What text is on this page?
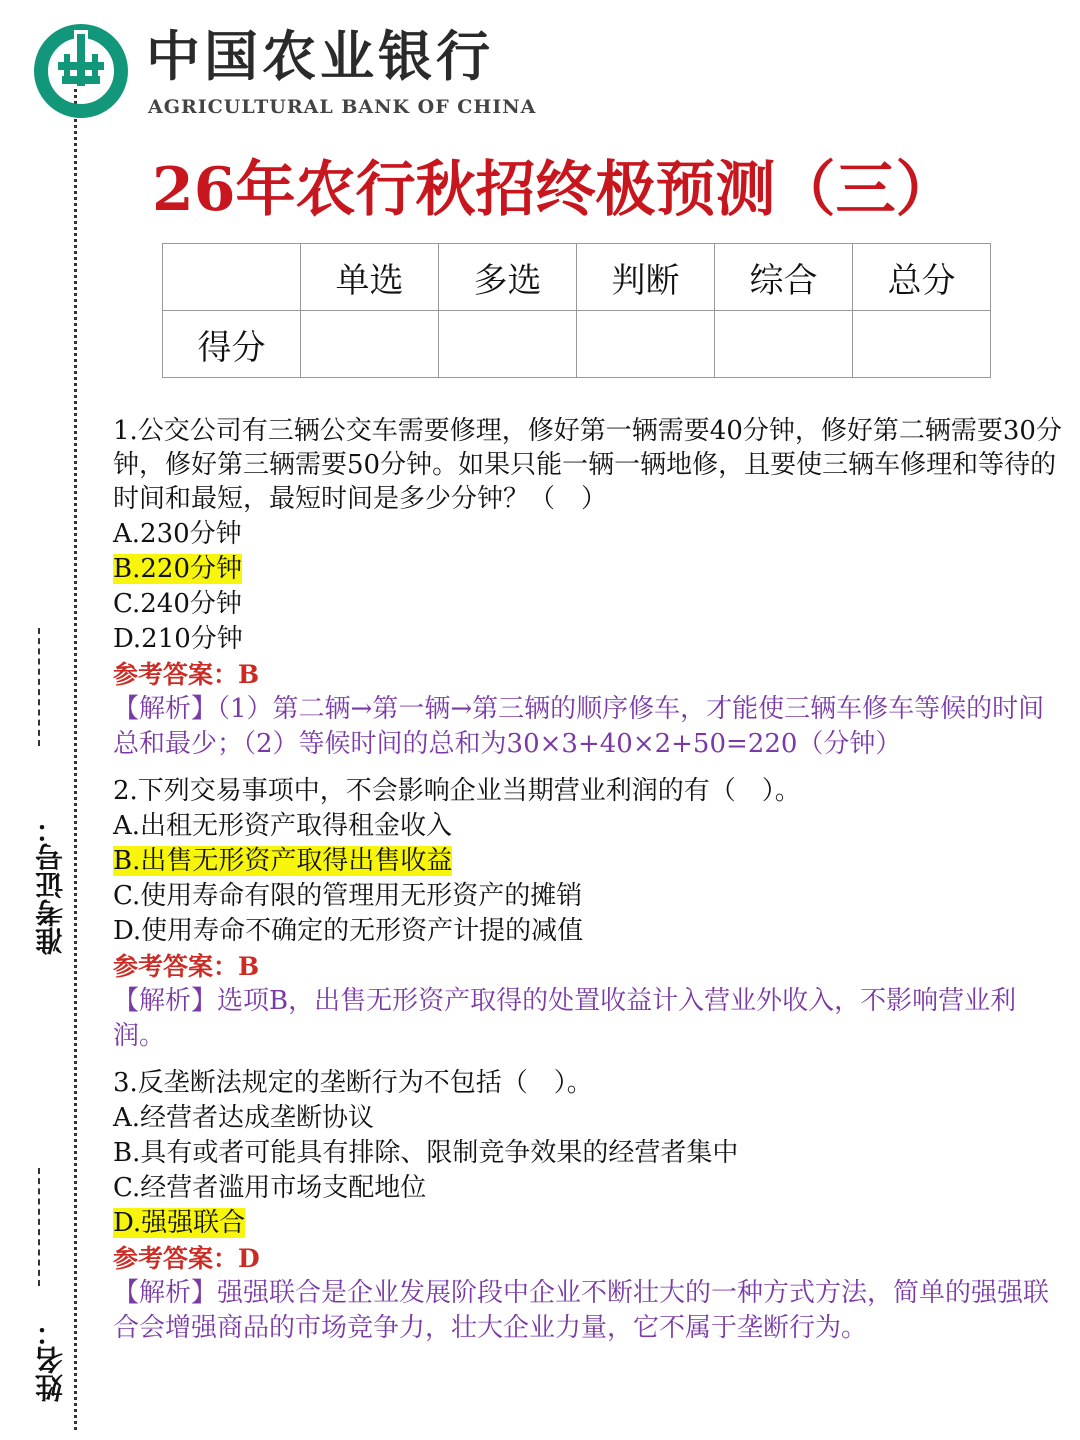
准考证号：
姓名：
中国农业银行
AGRICULTURAL BANK OF CHINA
26年农行秋招终极预测（三）
	单选	多选	判断	综合	总分
得分					

1.公交公司有三辆公交车需要修理，修好第一辆需要40分钟，修好第二辆需要30分钟，修好第三辆需要50分钟。如果只能一辆一辆地修，且要使三辆车修理和等待的时间和最短，最短时间是多少分钟？（　）

A.230分钟
B.220分钟
C.240分钟
D.210分钟
参考答案：B
【解析】（1）第二辆→第一辆→第三辆的顺序修车，才能使三辆车修车等候的时间总和最少；（2）等候时间的总和为30×3+40×2+50=220（分钟）

2.下列交易事项中，不会影响企业当期营业利润的有（　）。

A.出租无形资产取得租金收入
B.出售无形资产取得出售收益
C.使用寿命有限的管理用无形资产的摊销
D.使用寿命不确定的无形资产计提的减值
参考答案：B
【解析】选项B，出售无形资产取得的处置收益计入营业外收入，不影响营业利润。

3.反垄断法规定的垄断行为不包括（　）。

A.经营者达成垄断协议
B.具有或者可能具有排除、限制竞争效果的经营者集中
C.经营者滥用市场支配地位
D.强强联合
参考答案：D
【解析】强强联合是企业发展阶段中企业不断壮大的一种方式方法，简单的强强联合会增强商品的市场竞争力，壮大企业力量，它不属于垄断行为。
